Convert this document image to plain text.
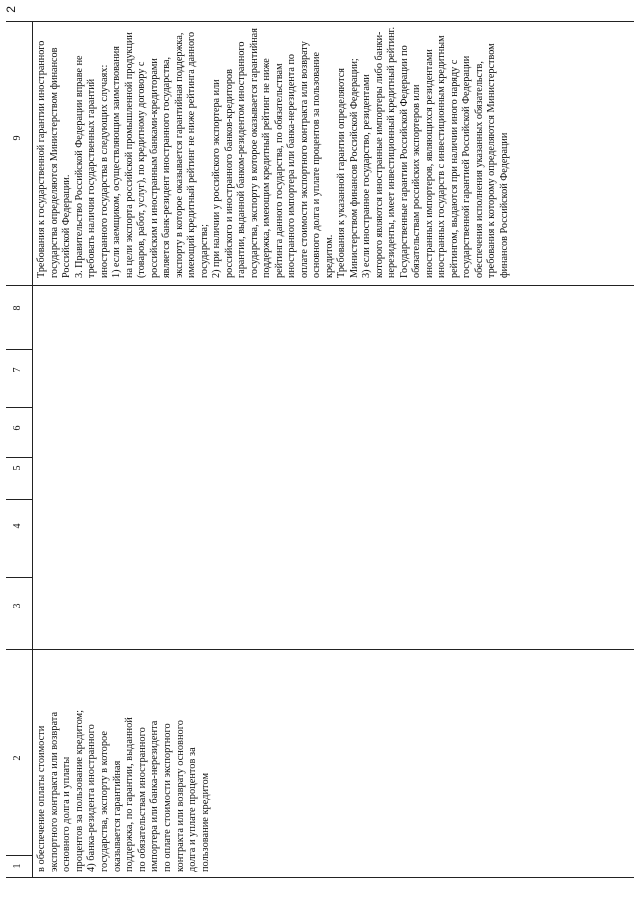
1
2
3
4
5
6
7
8
9
в обеспечение оплаты стоимости
экспортного контракта или возврата
основного долга и уплаты
процентов за пользование кредитом;
4) банка-резидента иностранного
государства, экспорту в которое
оказывается гарантийная
поддержка, по гарантии, выданной
по обязательствам иностранного
импортера или банка-нерезидента
по оплате стоимости экспортного
контракта или возврату основного
долга и уплате процентов за
пользование кредитом
Требования к государственной гарантии иностранного
государства определяются Министерством финансов
Российской Федерации.
3. Правительство Российской Федерации вправе не
требовать наличия государственных гарантий
иностранного государства в следующих случаях:
1) если заемщиком, осуществляющим заимствования
на цели экспорта российской промышленной продукции
(товаров, работ, услуг), по кредитному договору с
российским и иностранным банками-кредиторами
является банк-резидент иностранного государства,
экспорту в которое оказывается гарантийная поддержка,
имеющий кредитный рейтинг не ниже рейтинга данного
государства;
2) при наличии у российского экспортера или
российского и иностранного банков-кредиторов
гарантии, выданной банком-резидентом иностранного
государства, экспорту в которое оказывается гарантийная
поддержка, имеющим кредитный рейтинг не ниже
рейтинга данного государства, по обязательствам
иностранного импортера или банка-нерезидента по
оплате стоимости экспортного контракта или возврату
основного долга и уплате процентов за пользование
кредитом.
Требования к указанной гарантии определяются
Министерством финансов Российской Федерации;
3) если иностранное государство, резидентами
которого являются иностранные импортеры либо банки-
нерезиденты, имеет инвестиционный кредитный рейтинг.
Государственные гарантии Российской Федерации по
обязательствам российских экспортеров или
иностранных импортеров, являющихся резидентами
иностранных государств с инвестиционным кредитным
рейтингом, выдаются при наличии иного наряду с
государственной гарантией Российской Федерации
обеспечения исполнения указанных обязательств,
требования к которому определяются Министерством
финансов Российской Федерации
2
